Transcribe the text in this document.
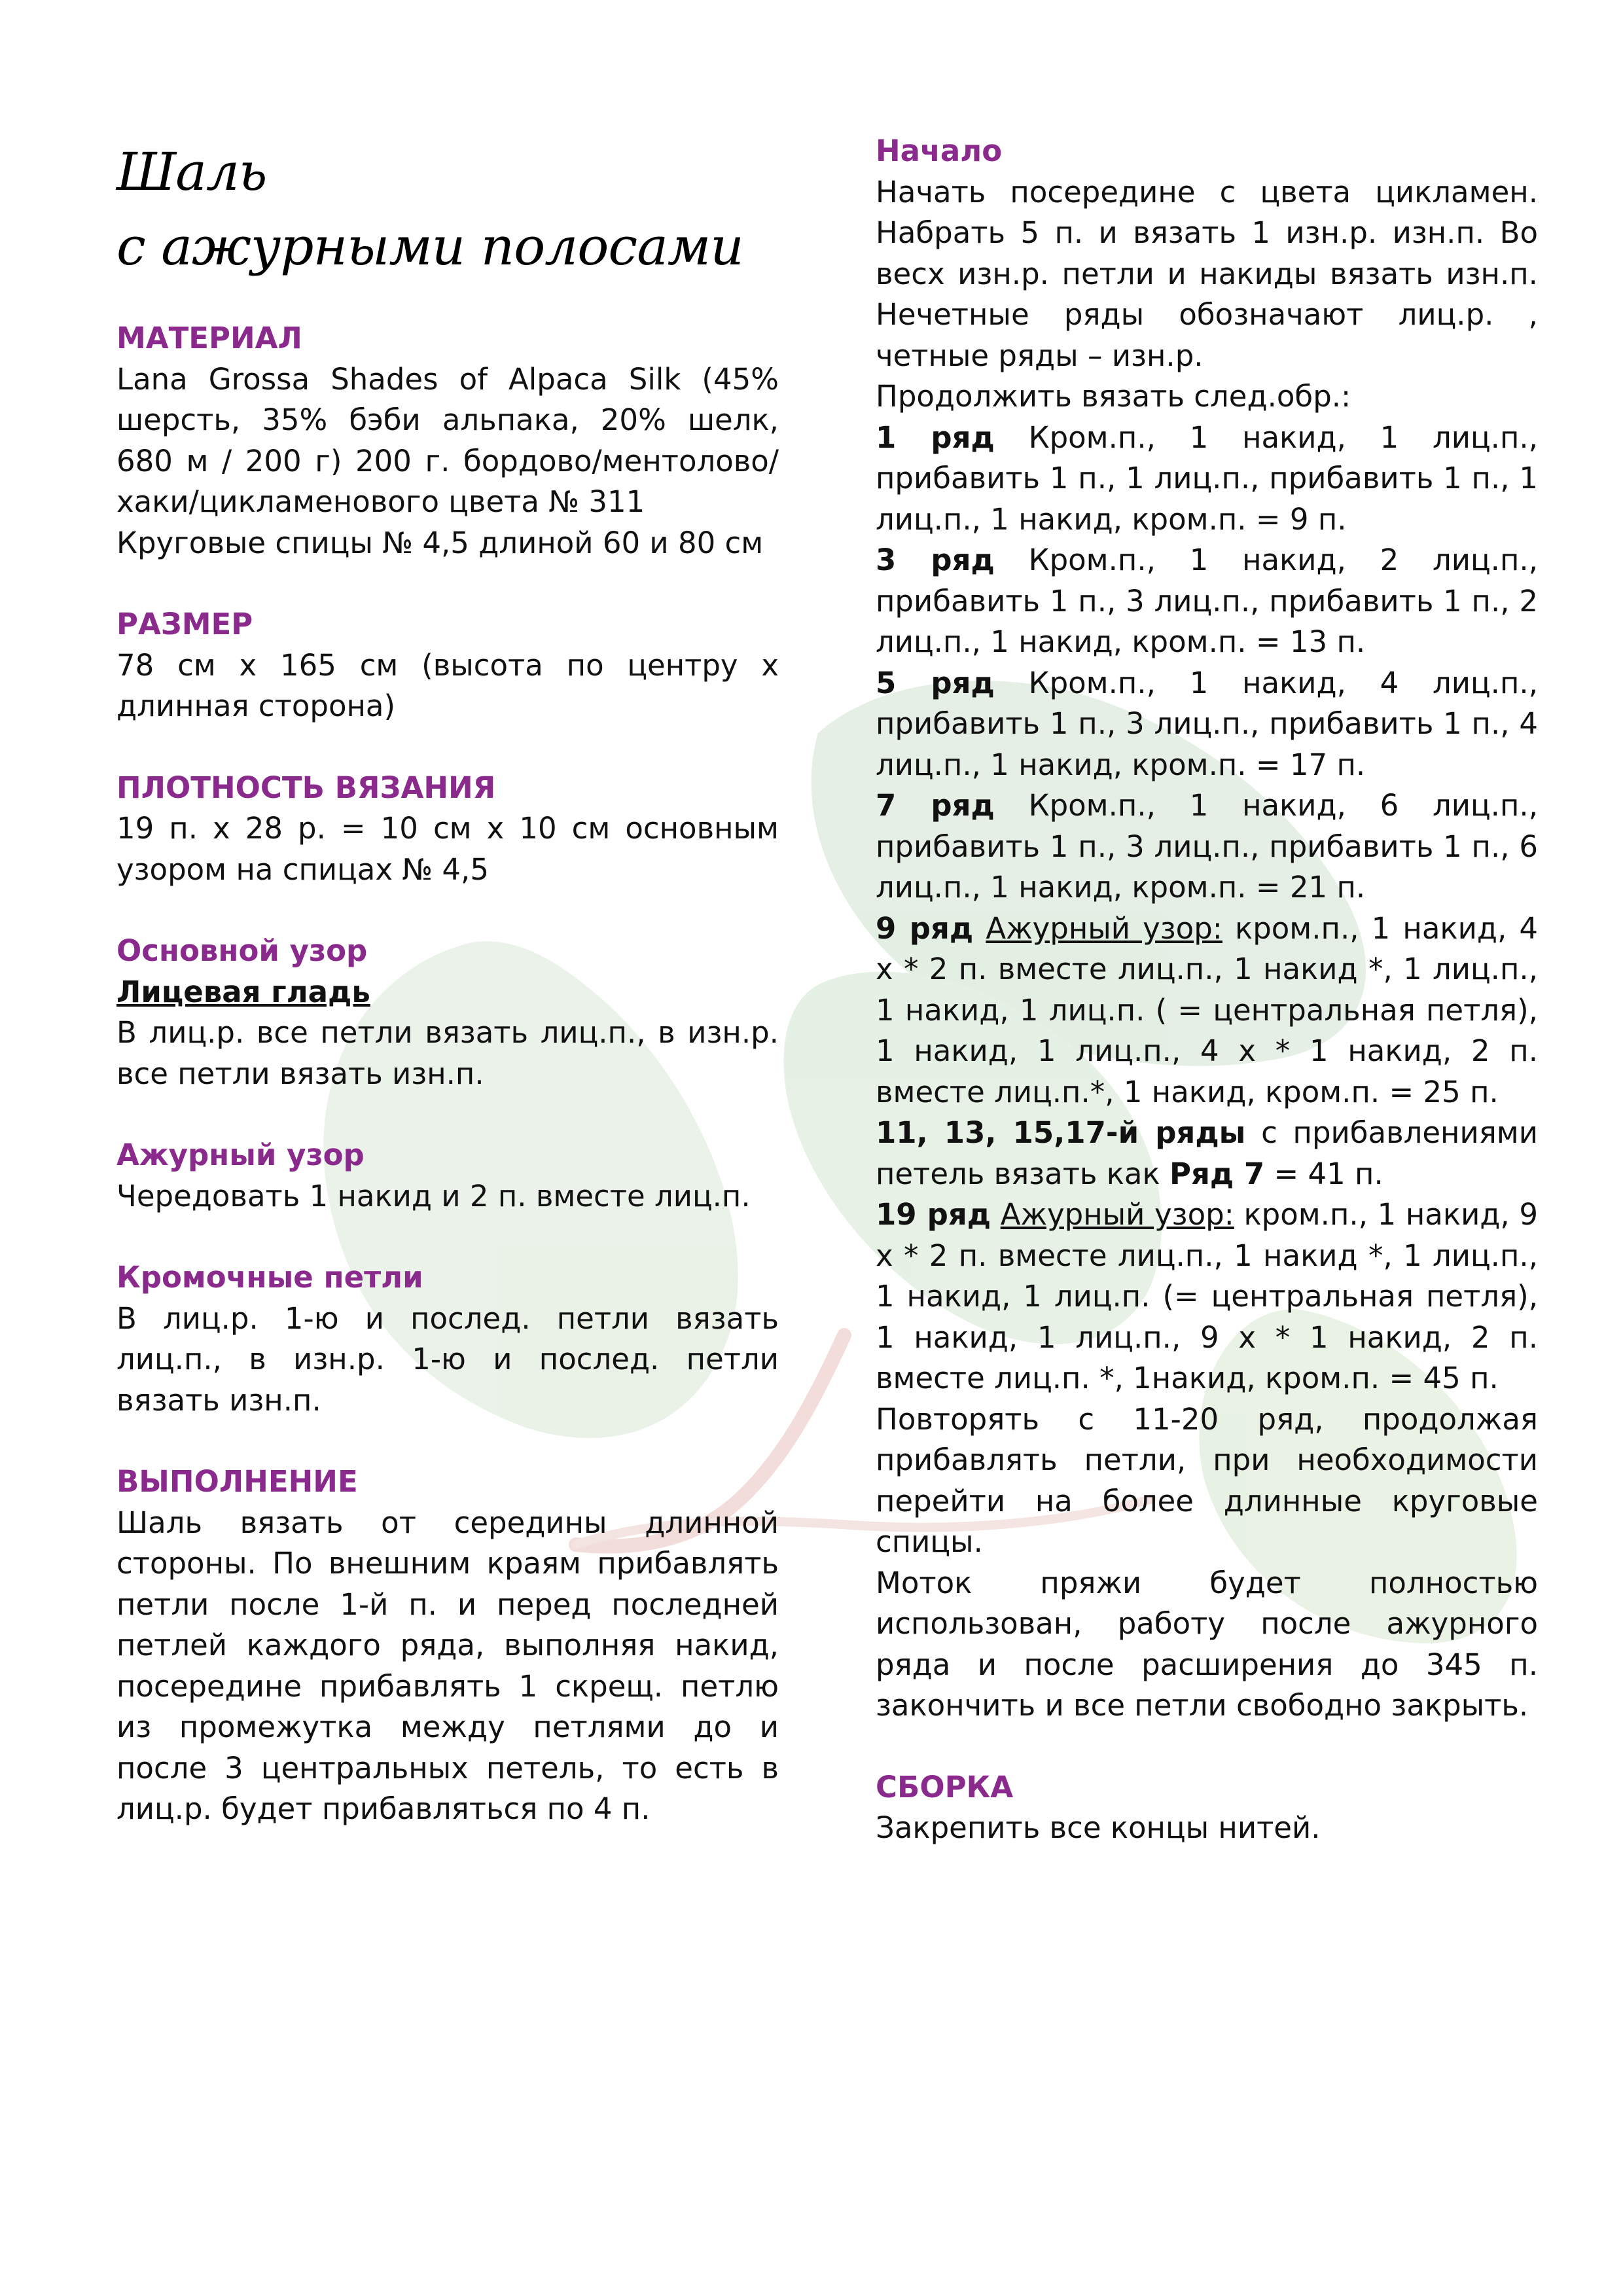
Шаль
с ажурными полосами
МАТЕРИАЛ
Lana Grossa Shades of Alpaca Silk (45% шерсть, 35% бэби альпака, 20% шелк, 680 м / 200 г) 200 г. бордово/ментолово/хаки/цикламенового цвета № 311
Круговые спицы № 4,5 длиной 60 и 80 см
РАЗМЕР
78 см x 165 см (высота по центру x длинная сторона)
ПЛОТНОСТЬ ВЯЗАНИЯ
19 п. x 28 р. = 10 см x 10 см основным узором на спицах № 4,5
Основной узор
Лицевая гладь
В лиц.р. все петли вязать лиц.п., в изн.р. все петли вязать изн.п.
Ажурный узор
Чередовать 1 накид и 2 п. вместе лиц.п.
Кромочные петли
В лиц.р. 1-ю и послед. петли вязать лиц.п., в изн.р. 1-ю и послед. петли вязать изн.п.
ВЫПОЛНЕНИЕ
Шаль вязать от середины длинной стороны. По внешним краям прибавлять петли после 1-й п. и перед последней петлей каждого ряда, выполняя накид, посередине прибавлять 1 скрещ. петлю из промежутка между петлями до и после 3 центральных петель, то есть в лиц.р. будет прибавляться по 4 п.
Начало
Начать посередине с цвета цикламен. Набрать 5 п. и вязать 1 изн.р. изн.п. Во весх изн.р. петли и накиды вязать изн.п. Нечетные ряды обозначают лиц.р. , четные ряды – изн.р.
Продолжить вязать след.обр.:
1 ряд Кром.п., 1 накид, 1 лиц.п., прибавить 1 п., 1 лиц.п., прибавить 1 п., 1 лиц.п., 1 накид, кром.п. = 9 п.
3 ряд Кром.п., 1 накид, 2 лиц.п., прибавить 1 п., 3 лиц.п., прибавить 1 п., 2 лиц.п., 1 накид, кром.п. = 13 п.
5 ряд Кром.п., 1 накид, 4 лиц.п., прибавить 1 п., 3 лиц.п., прибавить 1 п., 4 лиц.п., 1 накид, кром.п. = 17 п.
7 ряд Кром.п., 1 накид, 6 лиц.п., прибавить 1 п., 3 лиц.п., прибавить 1 п., 6 лиц.п., 1 накид, кром.п. = 21 п.
9 ряд Ажурный узор: кром.п., 1 накид, 4 x * 2 п. вместе лиц.п., 1 накид *, 1 лиц.п., 1 накид, 1 лиц.п. ( = центральная петля), 1 накид, 1 лиц.п., 4 x * 1 накид, 2 п. вместе лиц.п.*, 1 накид, кром.п. = 25 п.
11, 13, 15,17-й ряды с прибавлениями петель вязать как Ряд 7 = 41 п.
19 ряд Ажурный узор: кром.п., 1 накид, 9 x * 2 п. вместе лиц.п., 1 накид *, 1 лиц.п., 1 накид, 1 лиц.п. (= центральная петля), 1 накид, 1 лиц.п., 9 x * 1 накид, 2 п. вместе лиц.п. *, 1накид, кром.п. = 45 п.
Повторять с 11-20 ряд, продолжая прибавлять петли, при необходимости перейти на более длинные круговые спицы.
Моток пряжи будет полностью использован, работу после ажурного ряда и после расширения до 345 п. закончить и все петли свободно закрыть.
СБОРКА
Закрепить все концы нитей.
